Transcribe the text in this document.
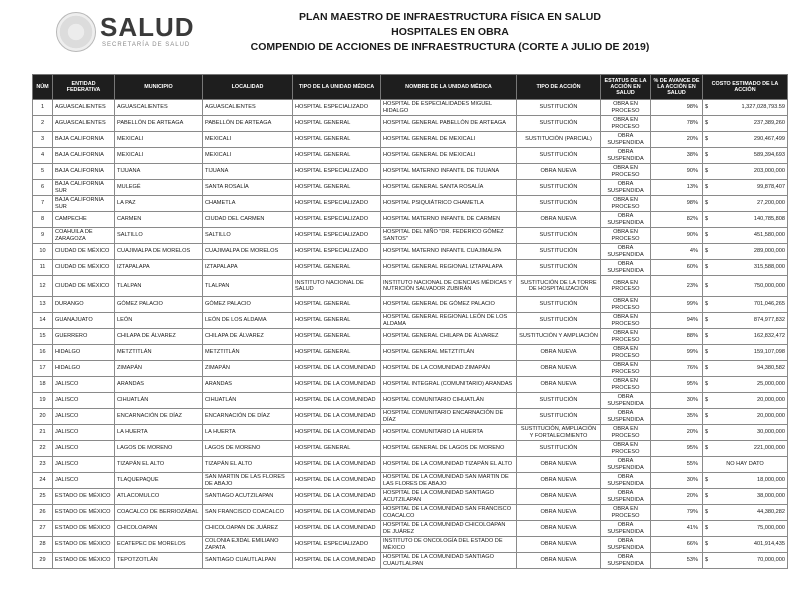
SALUD
SECRETARÍA DE SALUD
PLAN MAESTRO DE INFRAESTRUCTURA FÍSICA EN SALUD
HOSPITALES EN OBRA
COMPENDIO DE ACCIONES DE INFRAESTRUCTURA (CORTE A JULIO DE 2019)
NÚM	ENTIDAD FEDERATIVA	MUNICIPIO	LOCALIDAD	TIPO DE LA UNIDAD MÉDICA	NOMBRE DE LA UNIDAD MÉDICA	TIPO DE ACCIÓN	ESTATUS DE LA ACCIÓN EN SALUD	% DE AVANCE DE LA ACCIÓN EN SALUD	COSTO ESTIMADO DE LA ACCIÓN
1	AGUASCALIENTES	AGUASCALIENTES	AGUASCALIENTES	HOSPITAL ESPECIALIZADO	HOSPITAL DE ESPECIALIDADES MIGUEL HIDALGO	SUSTITUCIÓN	OBRA EN PROCESO	98%	$ 1,327,028,793.59

2	AGUASCALIENTES	PABELLÓN DE ARTEAGA	PABELLÓN DE ARTEAGA	HOSPITAL GENERAL	HOSPITAL GENERAL PABELLÓN DE ARTEAGA	SUSTITUCIÓN	OBRA EN PROCESO	78%	$ 237,389,260

3	BAJA CALIFORNIA	MEXICALI	MEXICALI	HOSPITAL GENERAL	HOSPITAL GENERAL DE MEXICALI	SUSTITUCIÓN (PARCIAL)	OBRA SUSPENDIDA	20%	$ 290,467,499

4	BAJA CALIFORNIA	MEXICALI	MEXICALI	HOSPITAL GENERAL	HOSPITAL GENERAL DE MEXICALI	SUSTITUCIÓN	OBRA SUSPENDIDA	38%	$ 589,394,693

5	BAJA CALIFORNIA	TIJUANA	TIJUANA	HOSPITAL ESPECIALIZADO	HOSPITAL MATERNO INFANTIL DE TIJUANA	OBRA NUEVA	OBRA EN PROCESO	90%	$ 203,000,000

6	BAJA CALIFORNIA SUR	MULEGÉ	SANTA ROSALÍA	HOSPITAL GENERAL	HOSPITAL GENERAL SANTA ROSALÍA	SUSTITUCIÓN	OBRA SUSPENDIDA	13%	$ 99,878,407

7	BAJA CALIFORNIA SUR	LA PAZ	CHAMETLA	HOSPITAL ESPECIALIZADO	HOSPITAL PSIQUIÁTRICO CHAMETLA	SUSTITUCIÓN	OBRA EN PROCESO	98%	$ 27,200,000

8	CAMPECHE	CARMEN	CIUDAD DEL CARMEN	HOSPITAL ESPECIALIZADO	HOSPITAL MATERNO INFANTIL DE CARMEN	OBRA NUEVA	OBRA SUSPENDIDA	82%	$ 140,785,808

9	COAHUILA DE ZARAGOZA	SALTILLO	SALTILLO	HOSPITAL ESPECIALIZADO	HOSPITAL DEL NIÑO "DR. FEDERICO GÓMEZ SANTOS"	SUSTITUCIÓN	OBRA EN PROCESO	90%	$ 451,580,000

10	CIUDAD DE MÉXICO	CUAJIMALPA DE MORELOS	CUAJIMALPA DE MORELOS	HOSPITAL ESPECIALIZADO	HOSPITAL MATERNO INFANTIL CUAJIMALPA	SUSTITUCIÓN	OBRA SUSPENDIDA	4%	$ 289,000,000

11	CIUDAD DE MÉXICO	IZTAPALAPA	IZTAPALAPA	HOSPITAL GENERAL	HOSPITAL GENERAL REGIONAL IZTAPALAPA	SUSTITUCIÓN	OBRA SUSPENDIDA	60%	$ 315,588,000

12	CIUDAD DE MÉXICO	TLALPAN	TLALPAN	INSTITUTO NACIONAL DE SALUD	INSTITUTO NACIONAL DE CIENCIAS MÉDICAS Y NUTRICIÓN SALVADOR ZUBIRÁN	SUSTITUCIÓN DE LA TORRE DE HOSPITALIZACIÓN	OBRA EN PROCESO	23%	$ 750,000,000

13	DURANGO	GÓMEZ PALACIO	GÓMEZ PALACIO	HOSPITAL GENERAL	HOSPITAL GENERAL DE GÓMEZ PALACIO	SUSTITUCIÓN	OBRA EN PROCESO	99%	$ 701,046,265

14	GUANAJUATO	LEÓN	LEÓN DE LOS ALDAMA	HOSPITAL GENERAL	HOSPITAL GENERAL REGIONAL LEÓN DE LOS ALDAMA	SUSTITUCIÓN	OBRA EN PROCESO	94%	$ 874,977,832

15	GUERRERO	CHILAPA DE ÁLVAREZ	CHILAPA DE ÁLVAREZ	HOSPITAL GENERAL	HOSPITAL GENERAL CHILAPA DE ÁLVAREZ	SUSTITUCIÓN Y AMPLIACIÓN	OBRA EN PROCESO	88%	$ 162,832,472

16	HIDALGO	METZTITLÁN	METZTITLÁN	HOSPITAL GENERAL	HOSPITAL GENERAL METZTITLÁN	OBRA NUEVA	OBRA EN PROCESO	99%	$ 159,107,098

17	HIDALGO	ZIMAPÁN	ZIMAPÁN	HOSPITAL DE LA COMUNIDAD	HOSPITAL DE LA COMUNIDAD ZIMAPÁN	OBRA NUEVA	OBRA EN PROCESO	76%	$ 94,380,582

18	JALISCO	ARANDAS	ARANDAS	HOSPITAL DE LA COMUNIDAD	HOSPITAL INTEGRAL (COMUNITARIO) ARANDAS	OBRA NUEVA	OBRA EN PROCESO	95%	$ 25,000,000

19	JALISCO	CIHUATLÁN	CIHUATLÁN	HOSPITAL DE LA COMUNIDAD	HOSPITAL COMUNITARIO CIHUATLÁN	SUSTITUCIÓN	OBRA SUSPENDIDA	30%	$ 20,000,000

20	JALISCO	ENCARNACIÓN DE DÍAZ	ENCARNACIÓN DE DÍAZ	HOSPITAL DE LA COMUNIDAD	HOSPITAL COMUNITARIO ENCARNACIÓN DE DÍAZ	SUSTITUCIÓN	OBRA SUSPENDIDA	35%	$ 20,000,000

21	JALISCO	LA HUERTA	LA HUERTA	HOSPITAL DE LA COMUNIDAD	HOSPITAL COMUNITARIO LA HUERTA	SUSTITUCIÓN, AMPLIACIÓN Y FORTALECIMIENTO	OBRA EN PROCESO	20%	$ 30,000,000

22	JALISCO	LAGOS DE MORENO	LAGOS DE MORENO	HOSPITAL GENERAL	HOSPITAL GENERAL DE LAGOS DE MORENO	SUSTITUCIÓN	OBRA EN PROCESO	95%	$ 221,000,000

23	JALISCO	TIZAPÁN EL ALTO	TIZAPÁN EL ALTO	HOSPITAL DE LA COMUNIDAD	HOSPITAL DE LA COMUNIDAD TIZAPÁN EL ALTO	OBRA NUEVA	OBRA SUSPENDIDA	55%	NO HAY DATO
24	JALISCO	TLAQUEPAQUE	SAN MARTIN DE LAS FLORES DE ABAJO	HOSPITAL DE LA COMUNIDAD	HOSPITAL DE LA COMUNIDAD SAN MARTIN DE LAS FLORES DE ABAJO	OBRA NUEVA	OBRA SUSPENDIDA	30%	$ 18,000,000

25	ESTADO DE MÉXICO	ATLACOMULCO	SANTIAGO ACUTZILAPAN	HOSPITAL DE LA COMUNIDAD	HOSPITAL DE LA COMUNIDAD SANTIAGO ACUTZILAPAN	OBRA NUEVA	OBRA SUSPENDIDA	20%	$ 38,000,000

26	ESTADO DE MÉXICO	COACALCO DE BERRIOZÁBAL	SAN FRANCISCO COACALCO	HOSPITAL DE LA COMUNIDAD	HOSPITAL DE LA COMUNIDAD SAN FRANCISCO COACALCO	OBRA NUEVA	OBRA EN PROCESO	79%	$ 44,380,282

27	ESTADO DE MÉXICO	CHICOLOAPAN	CHICOLOAPAN DE JUÁREZ	HOSPITAL DE LA COMUNIDAD	HOSPITAL DE LA COMUNIDAD CHICOLOAPAN DE JUÁREZ	OBRA NUEVA	OBRA SUSPENDIDA	41%	$ 75,000,000

28	ESTADO DE MÉXICO	ECATEPEC DE MORELOS	COLONIA EJIDAL EMILIANO ZAPATA	HOSPITAL ESPECIALIZADO	INSTITUTO DE ONCOLOGÍA DEL ESTADO DE MÉXICO	OBRA NUEVA	OBRA SUSPENDIDA	66%	$ 401,914,435

29	ESTADO DE MÉXICO	TEPOTZOTLÁN	SANTIAGO CUAUTLALPAN	HOSPITAL DE LA COMUNIDAD	HOSPITAL DE LA COMUNIDAD SANTIAGO CUAUTLALPAN	OBRA NUEVA	OBRA SUSPENDIDA	53%	$ 70,000,000
